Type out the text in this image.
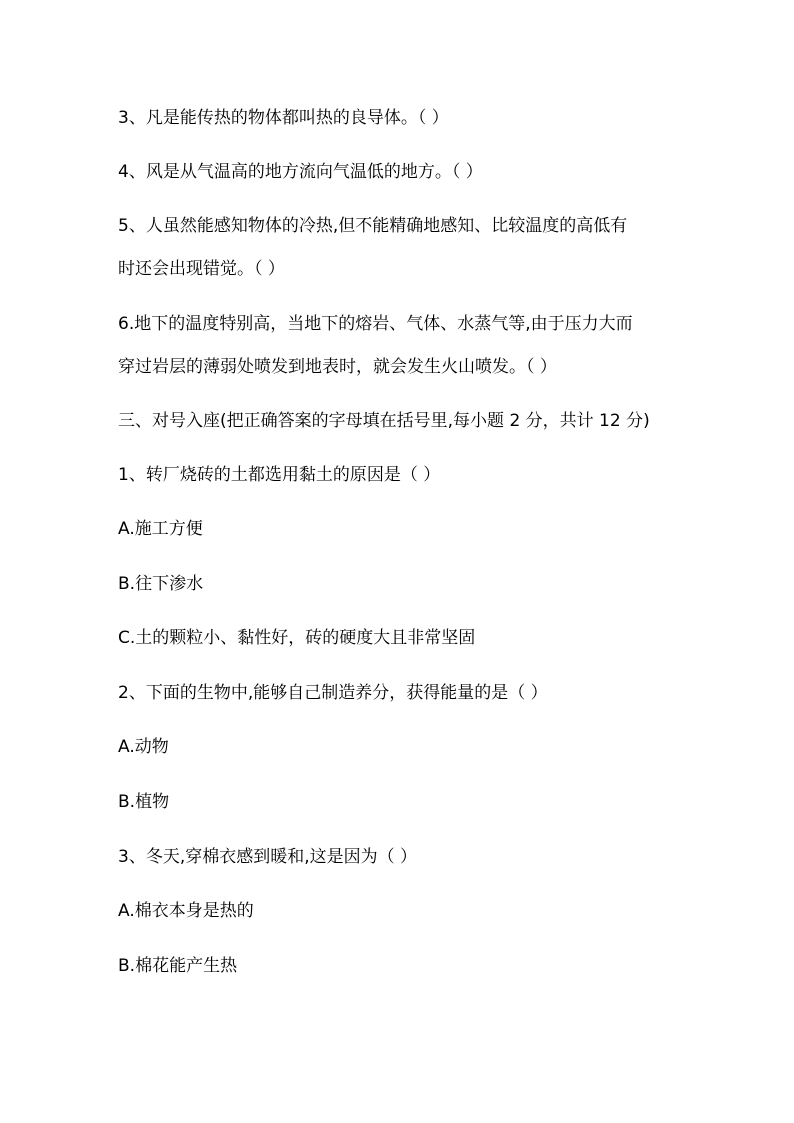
3、凡是能传热的物体都叫热的良导体。（ ）
4、风是从气温高的地方流向气温低的地方。（ ）
5、人虽然能感知物体的冷热,但不能精确地感知、比较温度的高低有
时还会出现错觉。（ ）
6.地下的温度特别高，当地下的熔岩、气体、水蒸气等,由于压力大而
穿过岩层的薄弱处喷发到地表时，就会发生火山喷发。（ ）
三、对号入座(把正确答案的字母填在括号里,每小题 2 分，共计 12 分)
1、转厂烧砖的土都选用黏土的原因是（ ）
A.施工方便
B.往下渗水
C.土的颗粒小、黏性好，砖的硬度大且非常坚固
2、下面的生物中,能够自己制造养分，获得能量的是（ ）
A.动物
B.植物
3、冬天,穿棉衣感到暖和,这是因为（ ）
A.棉衣本身是热的
B.棉花能产生热
